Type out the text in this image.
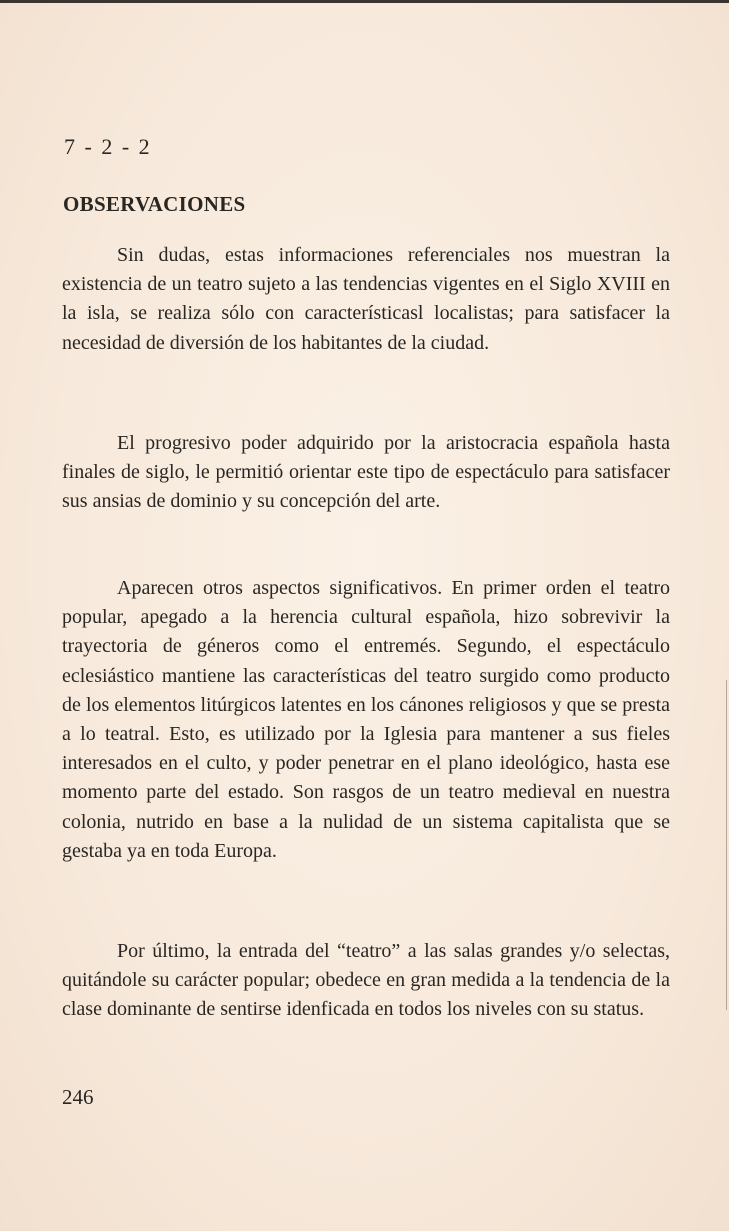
7 - 2 - 2
OBSERVACIONES

Sin dudas, estas informaciones referenciales nos muestran la existencia de un teatro sujeto a las tendencias vigentes en el Siglo XVIII en la isla, se realiza sólo con característicasl localistas; para satisfacer la necesidad de diversión de los habitantes de la ciudad.

El progresivo poder adquirido por la aristocracia española hasta finales de siglo, le permitió orientar este tipo de espectáculo para satisfacer sus ansias de dominio y su concepción del arte.

Aparecen otros aspectos significativos. En primer orden el teatro popular, apegado a la herencia cultural española, hizo sobrevivir la trayectoria de géneros como el entremés. Segundo, el espectáculo eclesiástico mantiene las características del teatro surgido como producto de los elementos litúrgicos latentes en los cánones religiosos y que se presta a lo teatral. Esto, es utilizado por la Iglesia para mantener a sus fieles interesados en el culto, y poder penetrar en el plano ideológico, hasta ese momento parte del estado. Son rasgos de un teatro medieval en nuestra colonia, nutrido en base a la nulidad de un sistema capitalista que se gestaba ya en toda Europa.

Por último, la entrada del “teatro” a las salas grandes y/o selectas, quitándole su carácter popular; obedece en gran medida a la tendencia de la clase dominante de sentirse idenficada en todos los niveles con su status.

246
